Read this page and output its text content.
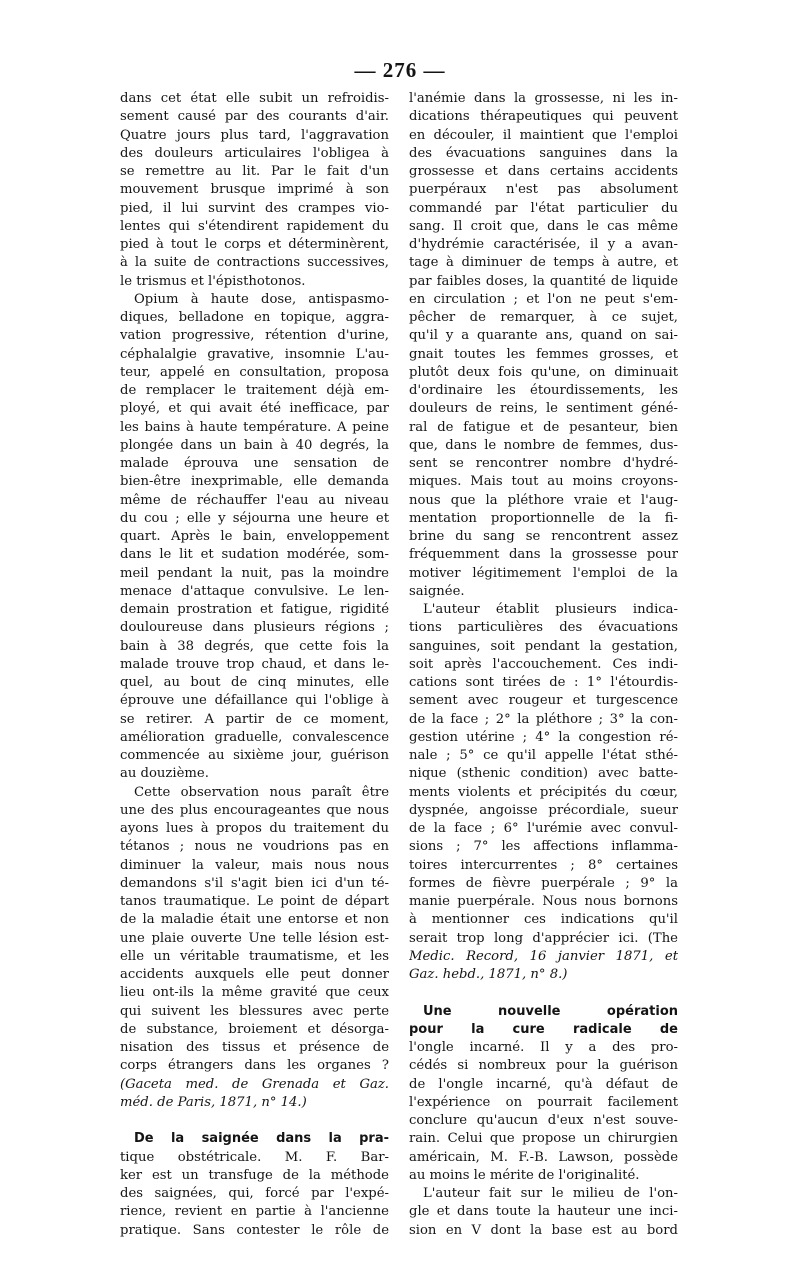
— 276 —
dans cet état elle subit un refroidis-
sement causé par des courants d'air.
Quatre jours plus tard, l'aggravation
des douleurs articulaires l'obligea à
se remettre au lit. Par le fait d'un
mouvement brusque imprimé à son
pied, il lui survint des crampes vio-
lentes qui s'étendirent rapidement du
pied à tout le corps et déterminèrent,
à la suite de contractions successives,
le trismus et l'épisthotonos.
Opium à haute dose, antispasmo-
diques, belladone en topique, aggra-
vation progressive, rétention d'urine,
céphalalgie gravative, insomnie L'au-
teur, appelé en consultation, proposa
de remplacer le traitement déjà em-
ployé, et qui avait été inefficace, par
les bains à haute température. A peine
plongée dans un bain à 40 degrés, la
malade éprouva une sensation de
bien-être inexprimable, elle demanda
même de réchauffer l'eau au niveau
du cou ; elle y séjourna une heure et
quart. Après le bain, enveloppement
dans le lit et sudation modérée, som-
meil pendant la nuit, pas la moindre
menace d'attaque convulsive. Le len-
demain prostration et fatigue, rigidité
douloureuse dans plusieurs régions ;
bain à 38 degrés, que cette fois la
malade trouve trop chaud, et dans le-
quel, au bout de cinq minutes, elle
éprouve une défaillance qui l'oblige à
se retirer. A partir de ce moment,
amélioration graduelle, convalescence
commencée au sixième jour, guérison
au douzième.
Cette observation nous paraît être
une des plus encourageantes que nous
ayons lues à propos du traitement du
tétanos ; nous ne voudrions pas en
diminuer la valeur, mais nous nous
demandons s'il s'agit bien ici d'un té-
tanos traumatique. Le point de départ
de la maladie était une entorse et non
une plaie ouverte Une telle lésion est-
elle un véritable traumatisme, et les
accidents auxquels elle peut donner
lieu ont-ils la même gravité que ceux
qui suivent les blessures avec perte
de substance, broiement et désorga-
nisation des tissus et présence de
corps étrangers dans les organes ?
(Gaceta med. de Grenada et Gaz.
méd. de Paris, 1871, n° 14.)

De la saignée dans la pra-
tique obstétricale. M. F. Bar-
ker est un transfuge de la méthode
des saignées, qui, forcé par l'expé-
rience, revient en partie à l'ancienne
pratique. Sans contester le rôle de
l'anémie dans la grossesse, ni les in-
dications thérapeutiques qui peuvent
en découler, il maintient que l'emploi
des évacuations sanguines dans la
grossesse et dans certains accidents
puerpéraux n'est pas absolument
commandé par l'état particulier du
sang. Il croit que, dans le cas même
d'hydrémie caractérisée, il y a avan-
tage à diminuer de temps à autre, et
par faibles doses, la quantité de liquide
en circulation ; et l'on ne peut s'em-
pêcher de remarquer, à ce sujet,
qu'il y a quarante ans, quand on sai-
gnait toutes les femmes grosses, et
plutôt deux fois qu'une, on diminuait
d'ordinaire les étourdissements, les
douleurs de reins, le sentiment géné-
ral de fatigue et de pesanteur, bien
que, dans le nombre de femmes, dus-
sent se rencontrer nombre d'hydré-
miques. Mais tout au moins croyons-
nous que la pléthore vraie et l'aug-
mentation proportionnelle de la fi-
brine du sang se rencontrent assez
fréquemment dans la grossesse pour
motiver légitimement l'emploi de la
saignée.
L'auteur établit plusieurs indica-
tions particulières des évacuations
sanguines, soit pendant la gestation,
soit après l'accouchement. Ces indi-
cations sont tirées de : 1° l'étourdis-
sement avec rougeur et turgescence
de la face ; 2° la pléthore ; 3° la con-
gestion utérine ; 4° la congestion ré-
nale ; 5° ce qu'il appelle l'état sthé-
nique (sthenic condition) avec batte-
ments violents et précipités du cœur,
dyspnée, angoisse précordiale, sueur
de la face ; 6° l'urémie avec convul-
sions ; 7° les affections inflamma-
toires intercurrentes ; 8° certaines
formes de fièvre puerpérale ; 9° la
manie puerpérale. Nous nous bornons
à mentionner ces indications qu'il
serait trop long d'apprécier ici. (The
Medic. Record, 16 janvier 1871, et
Gaz. hebd., 1871, n° 8.)

Une nouvelle opération
pour la cure radicale de
l'ongle incarné. Il y a des pro-
cédés si nombreux pour la guérison
de l'ongle incarné, qu'à défaut de
l'expérience on pourrait facilement
conclure qu'aucun d'eux n'est souve-
rain. Celui que propose un chirurgien
américain, M. F.-B. Lawson, possède
au moins le mérite de l'originalité.
L'auteur fait sur le milieu de l'on-
gle et dans toute la hauteur une inci-
sion en V dont la base est au bord
